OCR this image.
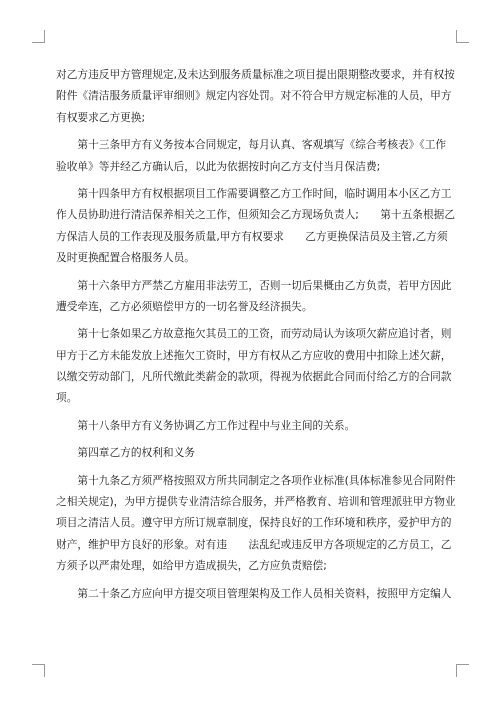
对乙方违反甲方管理规定,及未达到服务质量标准之项目提出限期整改要求，并有权按
附件《清洁服务质量评审细则》规定内容处罚。对不符合甲方规定标准的人员，甲方
有权要求乙方更换;
　　第十三条甲方有义务按本合同规定，每月认真、客观填写《综合考核表》《工作
验收单》等并经乙方确认后，以此为依据按时向乙方支付当月保洁费;
　　第十四条甲方有权根据项目工作需要调整乙方工作时间，临时调用本小区乙方工
作人员协助进行清洁保养相关之工作，但须知会乙方现场负责人;　　第十五条根据乙
方保洁人员的工作表现及服务质量,甲方有权要求　　乙方更换保洁员及主管,乙方须
及时更换配置合格服务人员。
　　第十六条甲方严禁乙方雇用非法劳工，否则一切后果概由乙方负责，若甲方因此
遭受牵连，乙方必须赔偿甲方的一切名誉及经济损失。
　　第十七条如果乙方故意拖欠其员工的工资，而劳动局认为该项欠薪应追讨者，则
甲方于乙方未能发放上述拖欠工资时，甲方有权从乙方应收的费用中扣除上述欠薪，
以缴交劳动部门，凡所代缴此类薪金的款项，得视为依据此合同而付给乙方的合同款
项。
　　第十八条甲方有义务协调乙方工作过程中与业主间的关系。
　　第四章乙方的权利和义务
　　第十九条乙方须严格按照双方所共同制定之各项作业标准(具体标准参见合同附件
之相关规定)，为甲方提供专业清洁综合服务，并严格教育、培训和管理派驻甲方物业
项目之清洁人员。遵守甲方所订规章制度，保持良好的工作环境和秩序，爱护甲方的
财产，维护甲方良好的形象。对有违　　法乱纪或违反甲方各项规定的乙方员工，乙
方须予以严肃处理，如给甲方造成损失，乙方应负责赔偿;
　　第二十条乙方应向甲方提交项目管理架构及工作人员相关资料，按照甲方定编人
